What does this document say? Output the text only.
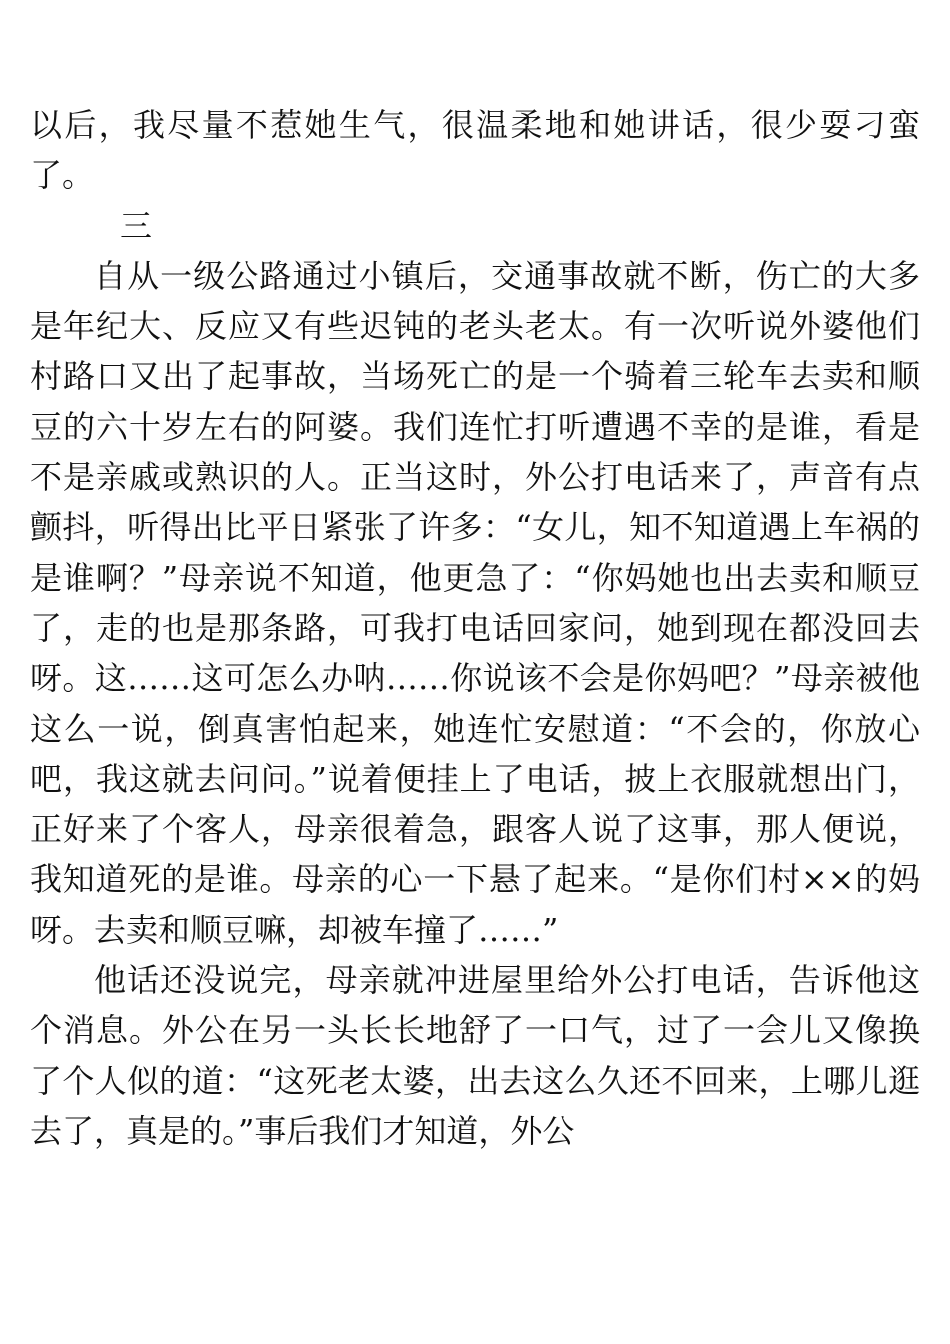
以后，我尽量不惹她生气，很温柔地和她讲话，很少耍刁蛮了。

三

自从一级公路通过小镇后，交通事故就不断，伤亡的大多是年纪大、反应又有些迟钝的老头老太。有一次听说外婆他们村路口又出了起事故，当场死亡的是一个骑着三轮车去卖和顺豆的六十岁左右的阿婆。我们连忙打听遭遇不幸的是谁，看是不是亲戚或熟识的人。正当这时，外公打电话来了，声音有点颤抖，听得出比平日紧张了许多：“女儿，知不知道遇上车祸的是谁啊？”母亲说不知道，他更急了：“你妈她也出去卖和顺豆了，走的也是那条路，可我打电话回家问，她到现在都没回去呀。这……这可怎么办呐……你说该不会是你妈吧？”母亲被他这么一说，倒真害怕起来，她连忙安慰道：“不会的，你放心吧，我这就去问问。”说着便挂上了电话，披上衣服就想出门，正好来了个客人，母亲很着急，跟客人说了这事，那人便说，我知道死的是谁。母亲的心一下悬了起来。“是你们村××的妈呀。去卖和顺豆嘛，却被车撞了……”

他话还没说完，母亲就冲进屋里给外公打电话，告诉他这个消息。外公在另一头长长地舒了一口气，过了一会儿又像换了个人似的道：“这死老太婆，出去这么久还不回来，上哪儿逛去了，真是的。”事后我们才知道，外公
